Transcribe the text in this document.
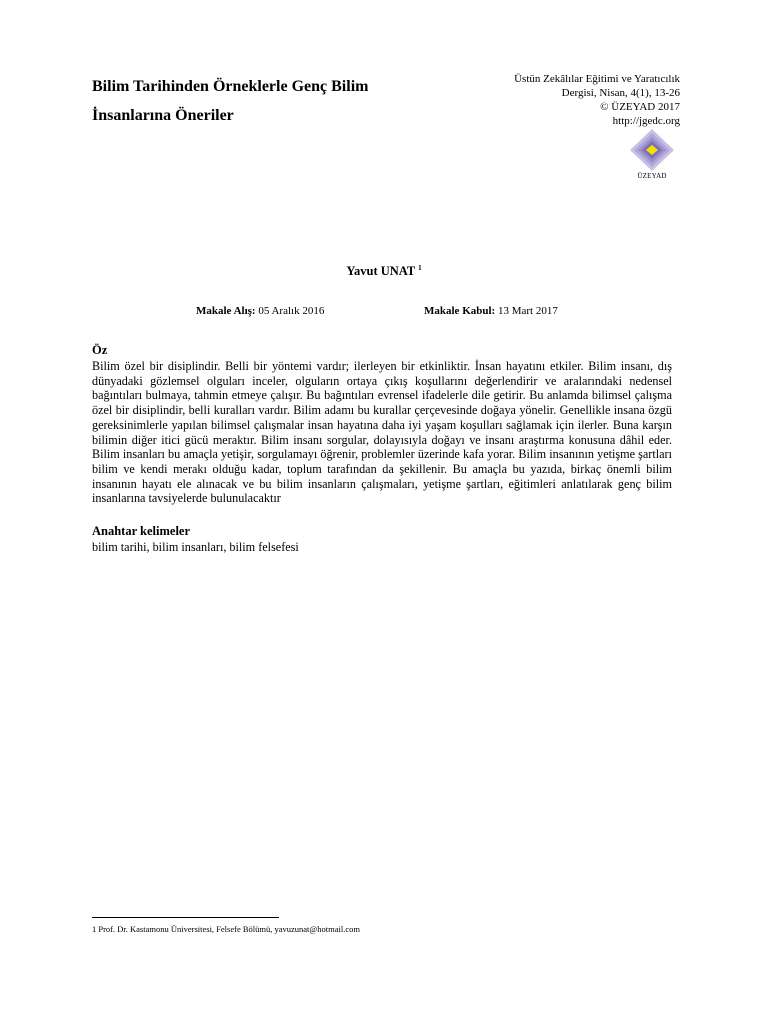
Bilim Tarihinden Örneklerle Genç Bilim
İnsanlarına Öneriler
Üstün Zekâlılar Eğitimi ve Yaratıcılık
Dergisi, Nisan, 4(1), 13-26
© ÜZEYAD 2017
http://jgedc.org
ÜZEYAD
Yavut UNAT $^1$
Makale Alış: 05 Aralık 2016	Makale Kabul: 13 Mart 2017
Öz
Bilim özel bir disiplindir. Belli bir yöntemi vardır; ilerleyen bir etkinliktir. İnsan hayatını etkiler. Bilim insanı, dış dünyadaki gözlemsel olguları inceler, olguların ortaya çıkış koşullarını değerlendirir ve aralarındaki nedensel bağıntıları bulmaya, tahmin etmeye çalışır. Bu bağıntıları evrensel ifadelerle dile getirir. Bu anlamda bilimsel çalışma özel bir disiplindir, belli kuralları vardır. Bilim adamı bu kurallar çerçevesinde doğaya yönelir. Genellikle insana özgü gereksinimlerle yapılan bilimsel çalışmalar insan hayatına daha iyi yaşam koşulları sağlamak için ilerler. Buna karşın bilimin diğer itici gücü meraktır. Bilim insanı sorgular, dolayısıyla doğayı ve insanı araştırma konusuna dâhil eder. Bilim insanları bu amaçla yetişir, sorgulamayı öğrenir, problemler üzerinde kafa yorar. Bilim insanının yetişme şartları bilim ve kendi merakı olduğu kadar, toplum tarafından da şekillenir. Bu amaçla bu yazıda, birkaç önemli bilim insanının hayatı ele alınacak ve bu bilim insanların çalışmaları, yetişme şartları, eğitimleri anlatılarak genç bilim insanlarına tavsiyelerde bulunulacaktır
Anahtar kelimeler
bilim tarihi, bilim insanları, bilim felsefesi
1 Prof. Dr. Kastamonu Üniversitesi, Felsefe Bölümü, yavuzunat@hotmail.com
